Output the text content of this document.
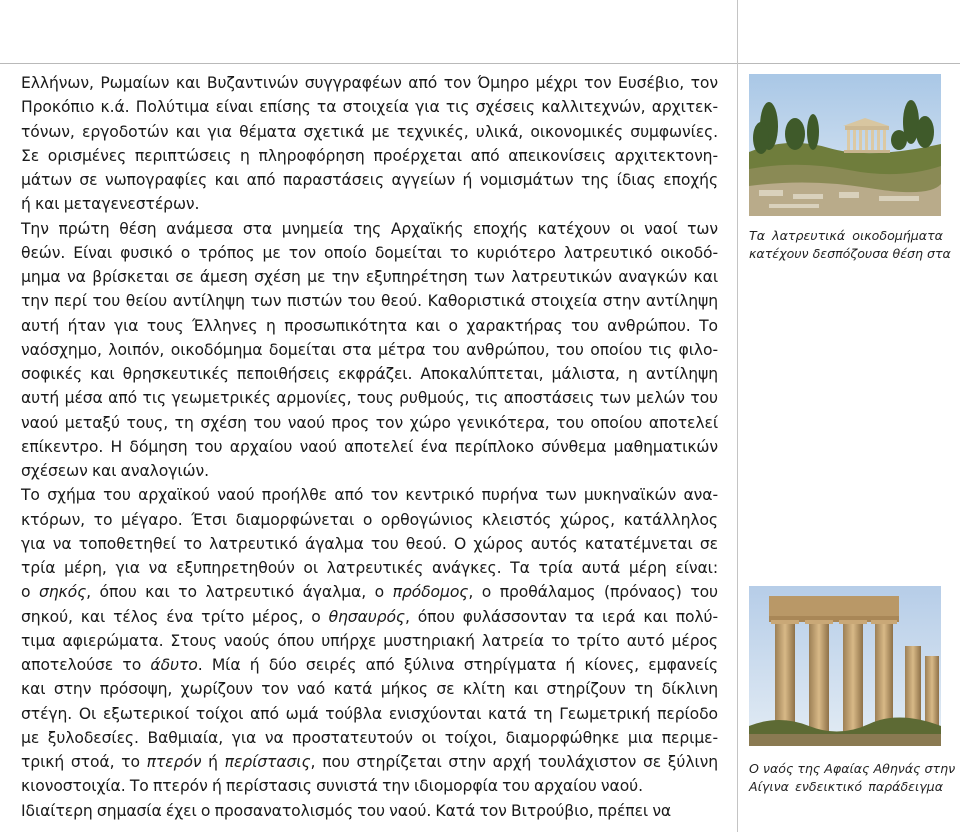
Ελλήνων, Ρωμαίων και Βυζαντινών συγγραφέων από τον Όμηρο μέχρι τον Ευσέβιο, τον
Προκόπιο κ.ά. Πολύτιμα είναι επίσης τα στοιχεία για τις σχέσεις καλλιτεχνών, αρχιτεκ-
τόνων, εργοδοτών και για θέματα σχετικά με τεχνικές, υλικά, οικονομικές συμφωνίες.
Σε ορισμένες περιπτώσεις η πληροφόρηση προέρχεται από απεικονίσεις αρχιτεκτονη-
μάτων σε νωπογραφίες και από παραστάσεις αγγείων ή νομισμάτων της ίδιας εποχής
ή και μεταγενεστέρων.
Την πρώτη θέση ανάμεσα στα μνημεία της Αρχαϊκής εποχής κατέχουν οι ναοί των
θεών. Είναι φυσικό ο τρόπος με τον οποίο δομείται το κυριότερο λατρευτικό οικοδό-
μημα να βρίσκεται σε άμεση σχέση με την εξυπηρέτηση των λατρευτικών αναγκών και
την περί του θείου αντίληψη των πιστών του θεού. Καθοριστικά στοιχεία στην αντίληψη
αυτή ήταν για τους Έλληνες η προσωπικότητα και ο χαρακτήρας του ανθρώπου. Το
ναόσχημο, λοιπόν, οικοδόμημα δομείται στα μέτρα του ανθρώπου, του οποίου τις φιλο-
σοφικές και θρησκευτικές πεποιθήσεις εκφράζει. Αποκαλύπτεται, μάλιστα, η αντίληψη
αυτή μέσα από τις γεωμετρικές αρμονίες, τους ρυθμούς, τις αποστάσεις των μελών του
ναού μεταξύ τους, τη σχέση του ναού προς τον χώρο γενικότερα, του οποίου αποτελεί
επίκεντρο. Η δόμηση του αρχαίου ναού αποτελεί ένα περίπλοκο σύνθεμα μαθηματικών
σχέσεων και αναλογιών.
Το σχήμα του αρχαϊκού ναού προήλθε από τον κεντρικό πυρήνα των μυκηναϊκών ανα-
κτόρων, το μέγαρο. Έτσι διαμορφώνεται ο ορθογώνιος κλειστός χώρος, κατάλληλος
για να τοποθετηθεί το λατρευτικό άγαλμα του θεού. Ο χώρος αυτός κατατέμνεται σε
τρία μέρη, για να εξυπηρετηθούν οι λατρευτικές ανάγκες. Τα τρία αυτά μέρη είναι:
ο σηκός, όπου και το λατρευτικό άγαλμα, ο πρόδομος, ο προθάλαμος (πρόναος) του
σηκού, και τέλος ένα τρίτο μέρος, ο θησαυρός, όπου φυλάσσονταν τα ιερά και πολύ-
τιμα αφιερώματα. Στους ναούς όπου υπήρχε μυστηριακή λατρεία το τρίτο αυτό μέρος
αποτελούσε το άδυτο. Μία ή δύο σειρές από ξύλινα στηρίγματα ή κίονες, εμφανείς
και στην πρόσοψη, χωρίζουν τον ναό κατά μήκος σε κλίτη και στηρίζουν τη δίκλινη
στέγη. Οι εξωτερικοί τοίχοι από ωμά τούβλα ενισχύονται κατά τη Γεωμετρική περίοδο
με ξυλοδεσίες. Βαθμιαία, για να προστατευτούν οι τοίχοι, διαμορφώθηκε μια περιμε-
τρική στοά, το πτερόν ή περίστασις, που στηρίζεται στην αρχή τουλάχιστον σε ξύλινη
κιονοστοιχία. Το πτερόν ή περίστασις συνιστά την ιδιομορφία του αρχαίου ναού.
Ιδιαίτερη σημασία έχει ο προσανατολισμός του ναού. Κατά τον Βιτρούβιο, πρέπει να
Τα λατρευτικά οικοδομήματα
κατέχουν δεσπόζουσα θέση στα
Ο ναός της Αφαίας Αθηνάς στην
Αίγινα ενδεικτικό παράδειγμα
